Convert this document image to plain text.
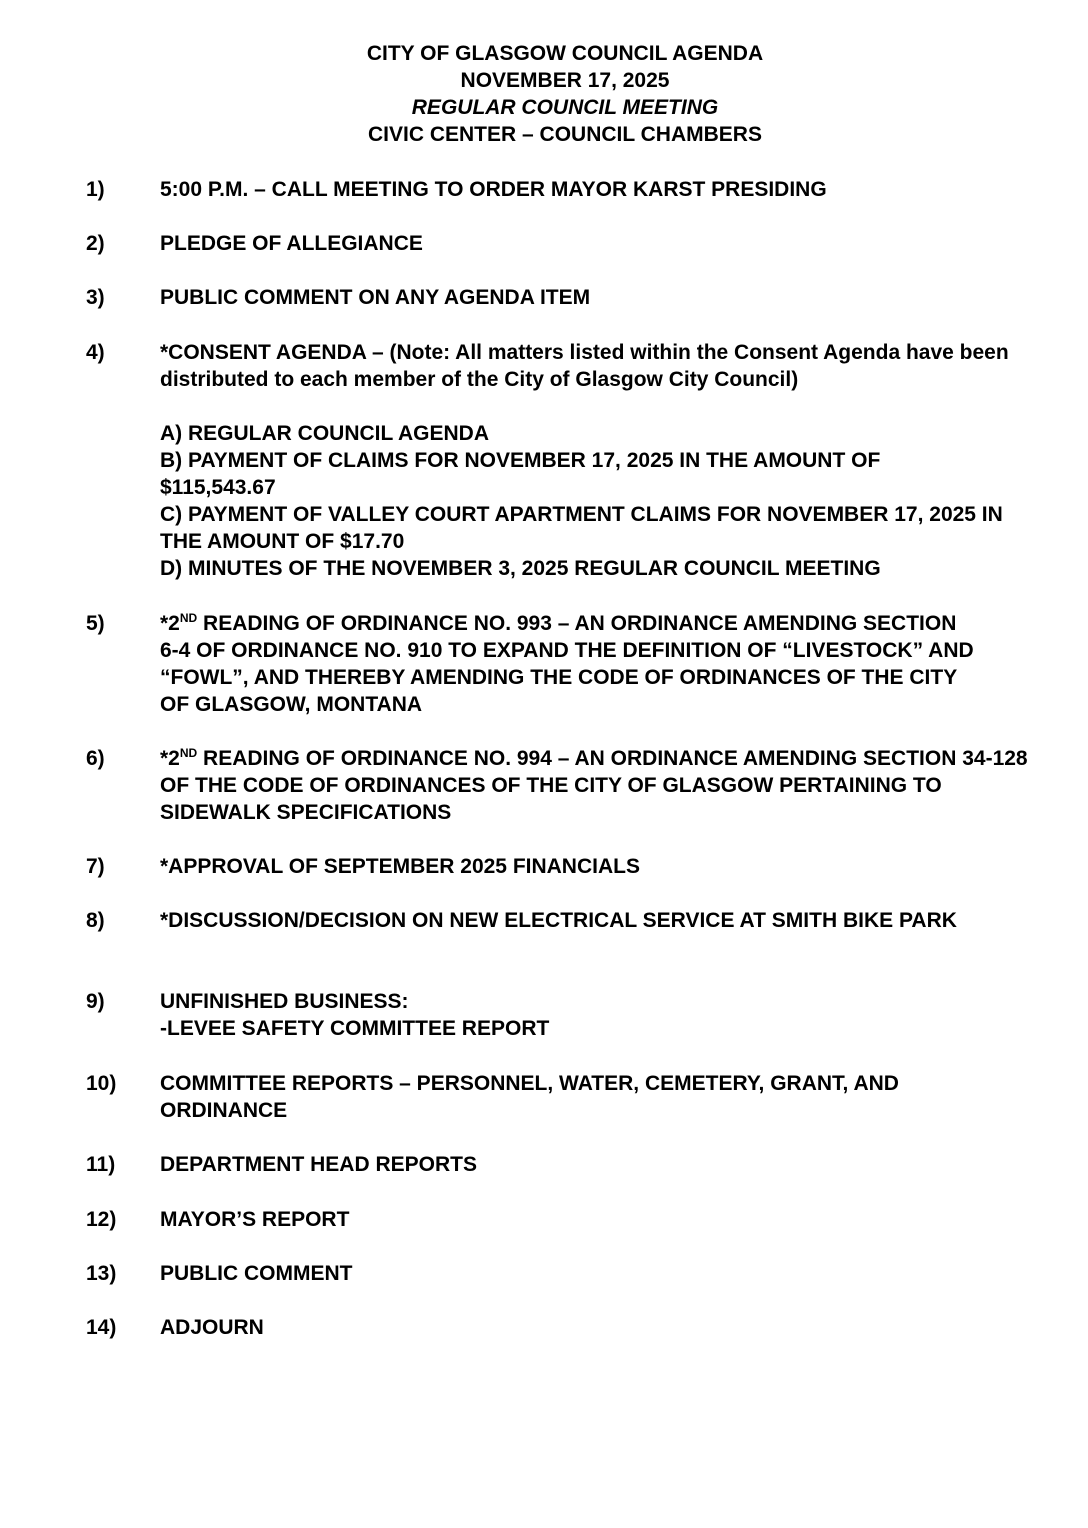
CITY OF GLASGOW COUNCIL AGENDA
NOVEMBER 17, 2025
REGULAR COUNCIL MEETING
CIVIC CENTER – COUNCIL CHAMBERS
1)	5:00 P.M. – CALL MEETING TO ORDER MAYOR KARST PRESIDING
2)	PLEDGE OF ALLEGIANCE
3)	PUBLIC COMMENT ON ANY AGENDA ITEM
4)	*CONSENT AGENDA – (Note: All matters listed within the Consent Agenda have been distributed to each member of the City of Glasgow City Council)
A) REGULAR COUNCIL AGENDA
B) PAYMENT OF CLAIMS FOR NOVEMBER 17, 2025 IN THE AMOUNT OF $115,543.67
C) PAYMENT OF VALLEY COURT APARTMENT CLAIMS FOR NOVEMBER 17, 2025 IN THE AMOUNT OF $17.70
D) MINUTES OF THE NOVEMBER 3, 2025 REGULAR COUNCIL MEETING
5)	*2ND READING OF ORDINANCE NO. 993 – AN ORDINANCE AMENDING SECTION 6-4 OF ORDINANCE NO. 910 TO EXPAND THE DEFINITION OF “LIVESTOCK” AND “FOWL”, AND THEREBY AMENDING THE CODE OF ORDINANCES OF THE CITY OF GLASGOW, MONTANA
6)	*2ND READING OF ORDINANCE NO. 994 – AN ORDINANCE AMENDING SECTION 34-128 OF THE CODE OF ORDINANCES OF THE CITY OF GLASGOW PERTAINING TO SIDEWALK SPECIFICATIONS
7)	*APPROVAL OF SEPTEMBER 2025 FINANCIALS
8)	*DISCUSSION/DECISION ON NEW ELECTRICAL SERVICE AT SMITH BIKE PARK
9)	UNFINISHED BUSINESS:
-LEVEE SAFETY COMMITTEE REPORT
10) COMMITTEE REPORTS – PERSONNEL, WATER, CEMETERY, GRANT, AND ORDINANCE
11) DEPARTMENT HEAD REPORTS
12) MAYOR’S REPORT
13) PUBLIC COMMENT
14) ADJOURN
